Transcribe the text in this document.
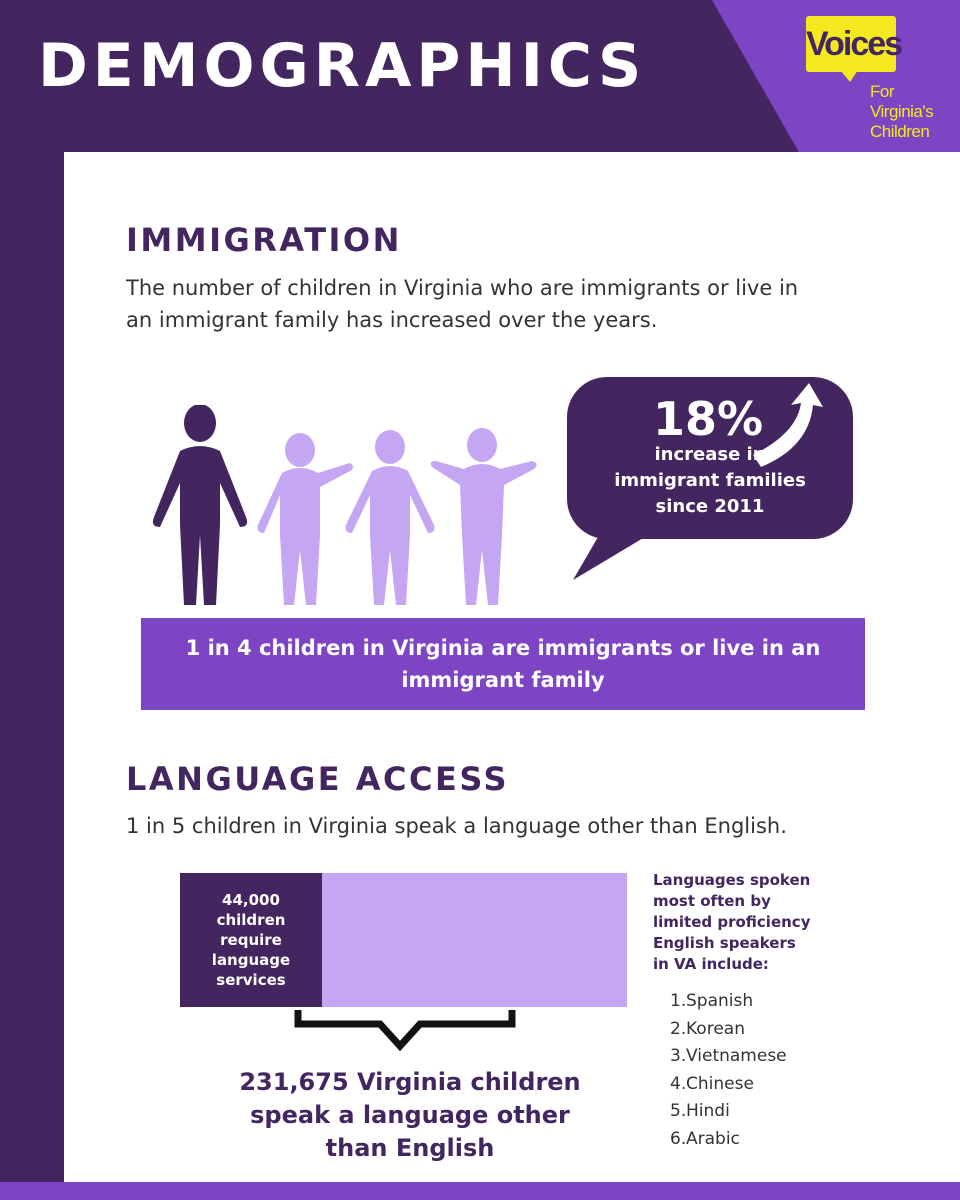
DEMOGRAPHICS	Voices
For Virginia's
Children
IMMIGRATION
The number of children in Virginia who are immigrants or live in
an immigrant family has increased over the years.
18%
increase in
immigrant families
since 2011
1 in 4 children in Virginia are immigrants or live in an
immigrant family
LANGUAGE ACCESS
1 in 5 children in Virginia speak a language other than English.
44,000
children
require
language
services
231,675 Virginia children
speak a language other
than English
Languages spoken
most often by
limited proficiency
English speakers
in VA include:
1.Spanish
2.Korean
3.Vietnamese
4.Chinese
5.Hindi
6.Arabic
